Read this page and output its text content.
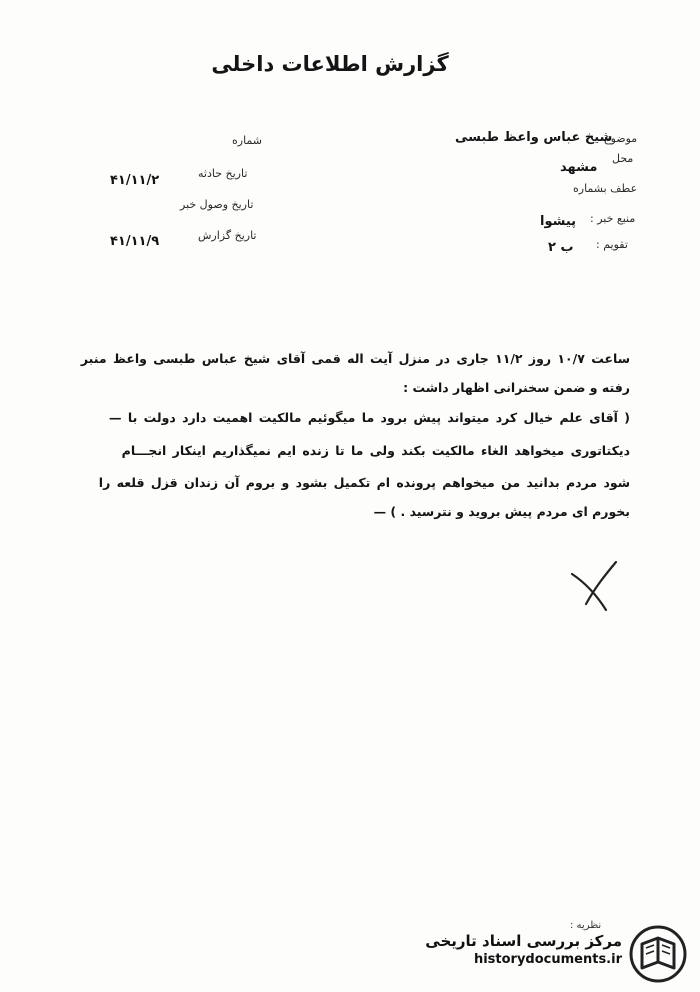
گزارش اطلاعات داخلی
شماره
تاریخ حادثه
۴۱/۱۱/۲
تاریخ وصول خبر
تاریخ گزارش
۴۱/۱۱/۹
موضوع
شیخ عباس واعظ طبسی
محل
مشهد
عطف بشماره
منبع خبر :
پیشوا
تقویم :
ب ۲
ساعت ۱۰/۷ روز ۱۱/۲ جاری در منزل آیت اله قمی آقای شیخ عباس طبسی واعظ منبر
رفته و ضمن سخنرانی اظهار داشت :
( آقای علم خیال کرد میتواند پیش برود ما میگوئیم مالکیت اهمیت دارد دولت با —
دیکتاتوری میخواهد الغاء مالکیت بکند ولی ما تا زنده ایم نمیگذاریم اینکار انجـــام
شود مردم بدانید من میخواهم پرونده ام تکمیل بشود و بروم آن زندان قزل قلعه را
بخورم ای مردم پیش بروید و نترسید . ) —
نظریه :
مرکز بررسی اسناد تاریخی
historydocuments.ir
